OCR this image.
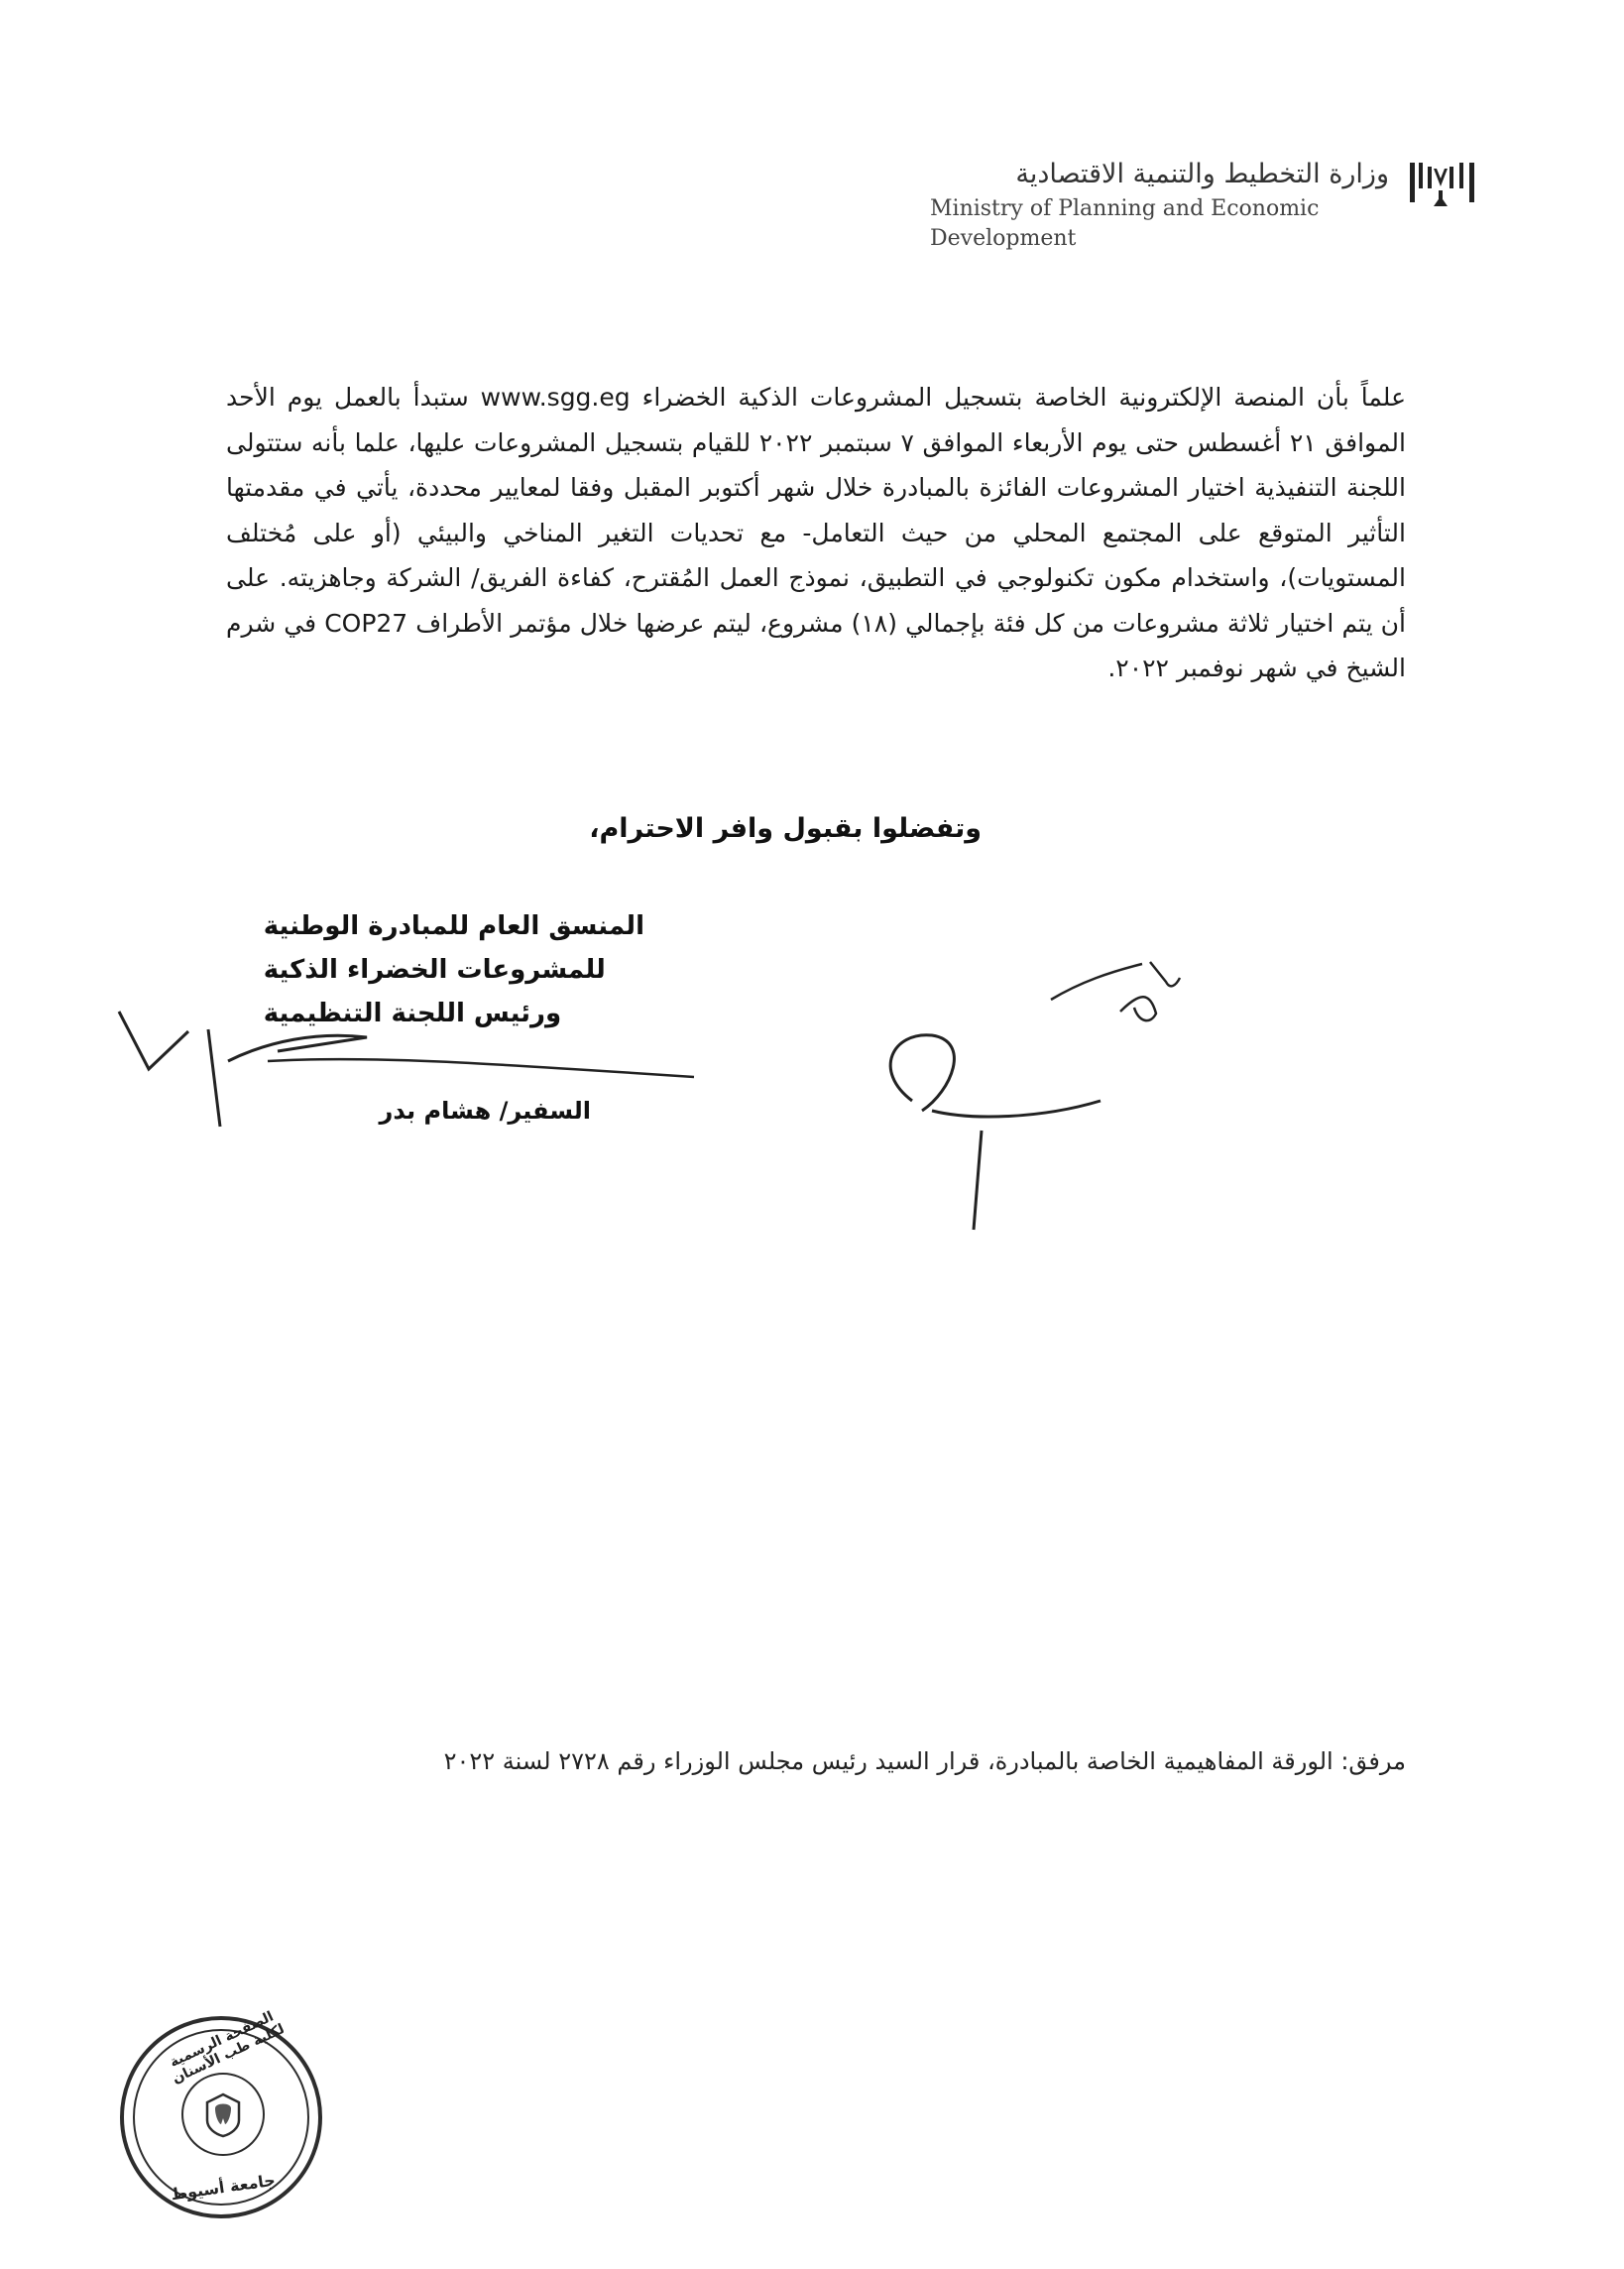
وزارة التخطيط والتنمية الاقتصادية
Ministry of Planning and Economic Development
علماً بأن المنصة الإلكترونية الخاصة بتسجيل المشروعات الذكية الخضراء www.sgg.eg ستبدأ بالعمل يوم الأحد الموافق ٢١ أغسطس حتى يوم الأربعاء الموافق ٧ سبتمبر ٢٠٢٢ للقيام بتسجيل المشروعات عليها، علما بأنه ستتولى اللجنة التنفيذية اختيار المشروعات الفائزة بالمبادرة خلال شهر أكتوبر المقبل وفقا لمعايير محددة، يأتي في مقدمتها التأثير المتوقع على المجتمع المحلي من حيث التعامل- مع تحديات التغير المناخي والبيئي (أو على مُختلف المستويات)، واستخدام مكون تكنولوجي في التطبيق، نموذج العمل المُقترح، كفاءة الفريق/ الشركة وجاهزيته. على أن يتم اختيار ثلاثة مشروعات من كل فئة بإجمالي (١٨) مشروع، ليتم عرضها خلال مؤتمر الأطراف COP27 في شرم الشيخ في شهر نوفمبر ٢٠٢٢.
وتفضلوا بقبول وافر الاحترام،
المنسق العام للمبادرة الوطنية
للمشروعات الخضراء الذكية
ورئيس اللجنة التنظيمية
السفير/ هشام بدر
مرفق: الورقة المفاهيمية الخاصة بالمبادرة، قرار السيد رئيس مجلس الوزراء رقم ٢٧٢٨ لسنة ٢٠٢٢
الصفحة الرسمية لكلية طب الأسنان
جامعة أسيوط
